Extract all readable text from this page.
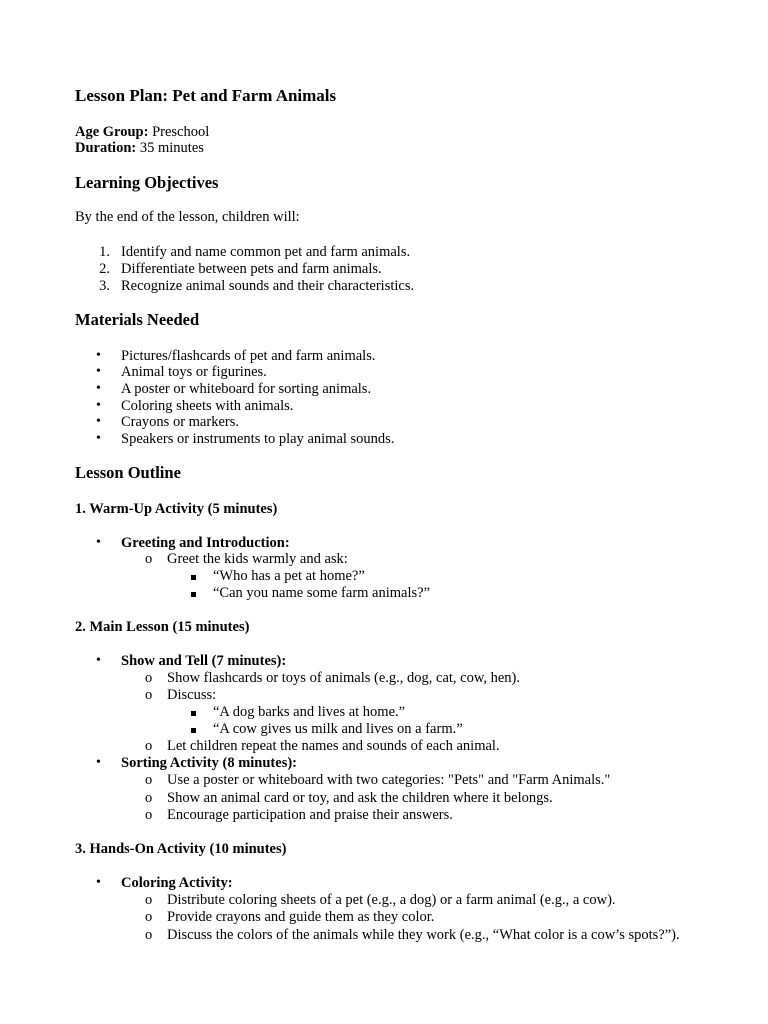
Lesson Plan: Pet and Farm Animals
Age Group: Preschool
Duration: 35 minutes
Learning Objectives
By the end of the lesson, children will:
1. Identify and name common pet and farm animals.
2. Differentiate between pets and farm animals.
3. Recognize animal sounds and their characteristics.
Materials Needed
• Pictures/flashcards of pet and farm animals.
• Animal toys or figurines.
• A poster or whiteboard for sorting animals.
• Coloring sheets with animals.
• Crayons or markers.
• Speakers or instruments to play animal sounds.
Lesson Outline
1. Warm-Up Activity (5 minutes)
• Greeting and Introduction:
o Greet the kids warmly and ask:
“Who has a pet at home?”
“Can you name some farm animals?”
2. Main Lesson (15 minutes)
• Show and Tell (7 minutes):
o Show flashcards or toys of animals (e.g., dog, cat, cow, hen).
o Discuss:
“A dog barks and lives at home.”
“A cow gives us milk and lives on a farm.”
o Let children repeat the names and sounds of each animal.
• Sorting Activity (8 minutes):
o Use a poster or whiteboard with two categories: "Pets" and "Farm Animals."
o Show an animal card or toy, and ask the children where it belongs.
o Encourage participation and praise their answers.
3. Hands-On Activity (10 minutes)
• Coloring Activity:
o Distribute coloring sheets of a pet (e.g., a dog) or a farm animal (e.g., a cow).
o Provide crayons and guide them as they color.
o Discuss the colors of the animals while they work (e.g., “What color is a cow’s spots?”).
